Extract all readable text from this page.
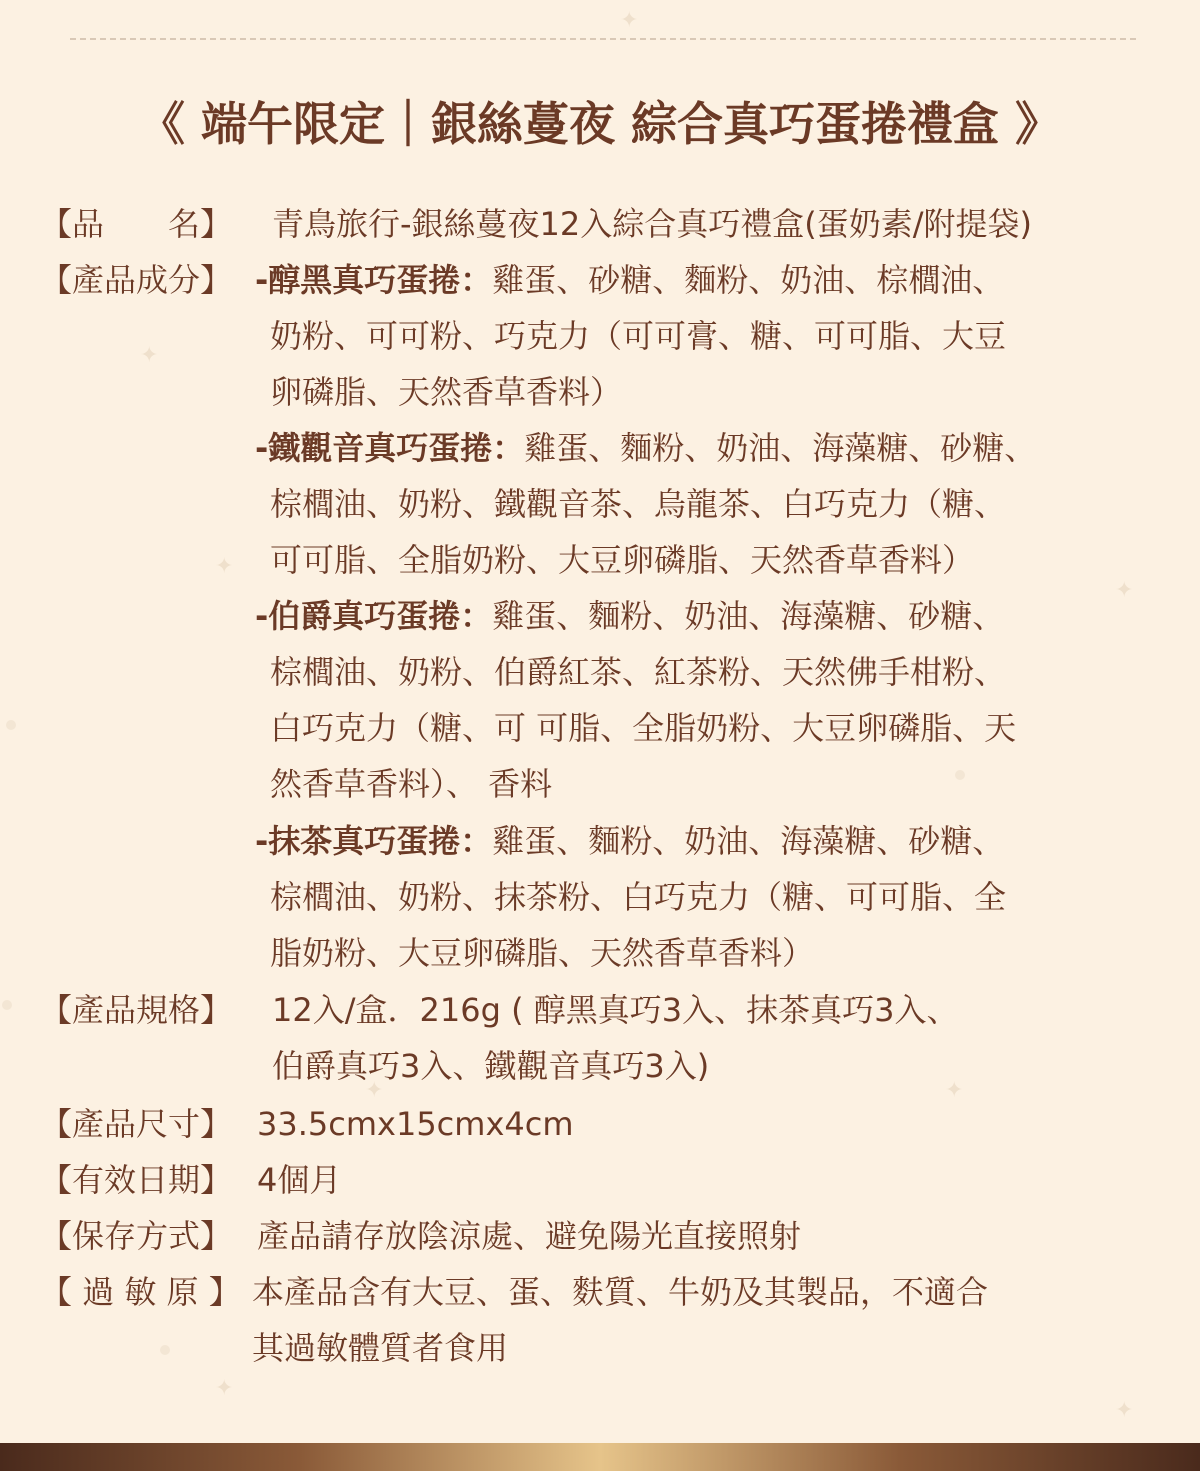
✦
✦
✦
✦
✦
✦
✦
✦
《 端午限定｜銀絲蔓夜 綜合真巧蛋捲禮盒 》
【品　　名】 青鳥旅行-銀絲蔓夜12入綜合真巧禮盒(蛋奶素/附提袋)
【產品成分】 -醇黑真巧蛋捲：雞蛋、砂糖、麵粉、奶油、棕櫚油、
奶粉、可可粉、巧克力（可可膏、糖、可可脂、大豆
卵磷脂、天然香草香料）
-鐵觀音真巧蛋捲：雞蛋、麵粉、奶油、海藻糖、砂糖、
棕櫚油、奶粉、鐵觀音茶、烏龍茶、白巧克力（糖、
可可脂、全脂奶粉、大豆卵磷脂、天然香草香料）
-伯爵真巧蛋捲：雞蛋、麵粉、奶油、海藻糖、砂糖、
棕櫚油、奶粉、伯爵紅茶、紅茶粉、天然佛手柑粉、
白巧克力（糖、可 可脂、全脂奶粉、大豆卵磷脂、天
然香草香料）、 香料
-抹茶真巧蛋捲：雞蛋、麵粉、奶油、海藻糖、砂糖、
棕櫚油、奶粉、抹茶粉、白巧克力（糖、可可脂、全
脂奶粉、大豆卵磷脂、天然香草香料）
【產品規格】 12入/盒．216g ( 醇黑真巧3入、抹茶真巧3入、
伯爵真巧3入、鐵觀音真巧3入)
【產品尺寸】 33.5cmx15cmx4cm
【有效日期】 4個月
【保存方式】 產品請存放陰涼處、避免陽光直接照射
【 過 敏 原 】 本產品含有大豆、蛋、麩質、牛奶及其製品，不適合
其過敏體質者食用
